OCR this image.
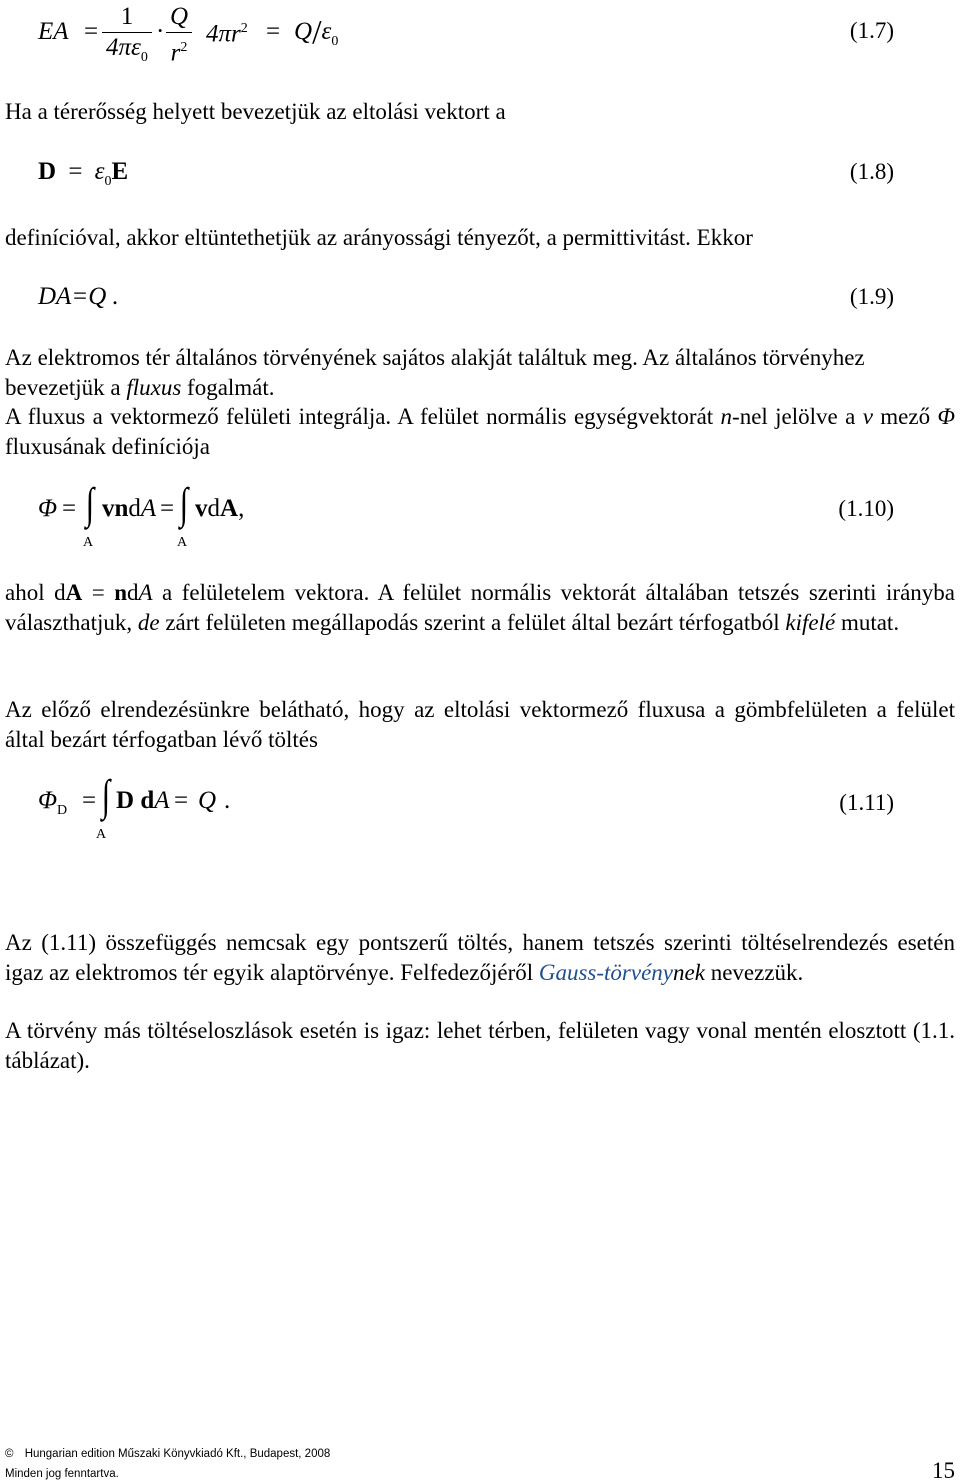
EA = $\frac{1}{4\pi\varepsilon_0} \cdot \frac{Q}{r^2} 4\pi r^2 = Q/\varepsilon_0$	(1.7)
Ha a térerősség helyett bevezetjük az eltolási vektort a
$D = \varepsilon_0E$	(1.8)
definícióval, akkor eltüntethetjük az arányossági tényezőt, a permittivitást. Ekkor
DA=Q .	(1.9)
Az elektromos tér általános törvényének sajátos alakját találtuk meg. Az általános törvényhez
bevezetjük a fluxus fogalmát.
A fluxus a vektormező felületi integrálja. A felület normális egységvektorát n-nel jelölve a v mező Φ fluxusának definíciója
Φ = ∫
A
vndA = ∫
A
vdA,	(1.10)
ahol dA = ndA a felületelem vektora. A felület normális vektorát általában tetszés szerinti irányba választhatjuk, de zárt felületen megállapodás szerint a felület által bezárt térfogatból kifelé mutat.
Az előző elrendezésünkre belátható, hogy az eltolási vektormező fluxusa a gömbfelületen a felület által bezárt térfogatban lévő töltés
$\Phi_D$ = ∫
A
D dA = Q .	(1.11)
Az (1.11) összefüggés nemcsak egy pontszerű töltés, hanem tetszés szerinti töltéselrendezés esetén igaz az elektromos tér egyik alaptörvénye. Felfedezőjéről Gauss-törvénynek nevezzük.
A törvény más töltéseloszlások esetén is igaz: lehet térben, felületen vagy vonal mentén elosztott (1.1. táblázat).
© Hungarian edition Műszaki Könyvkiadó Kft., Budapest, 2008
Minden jog fenntartva.	15
